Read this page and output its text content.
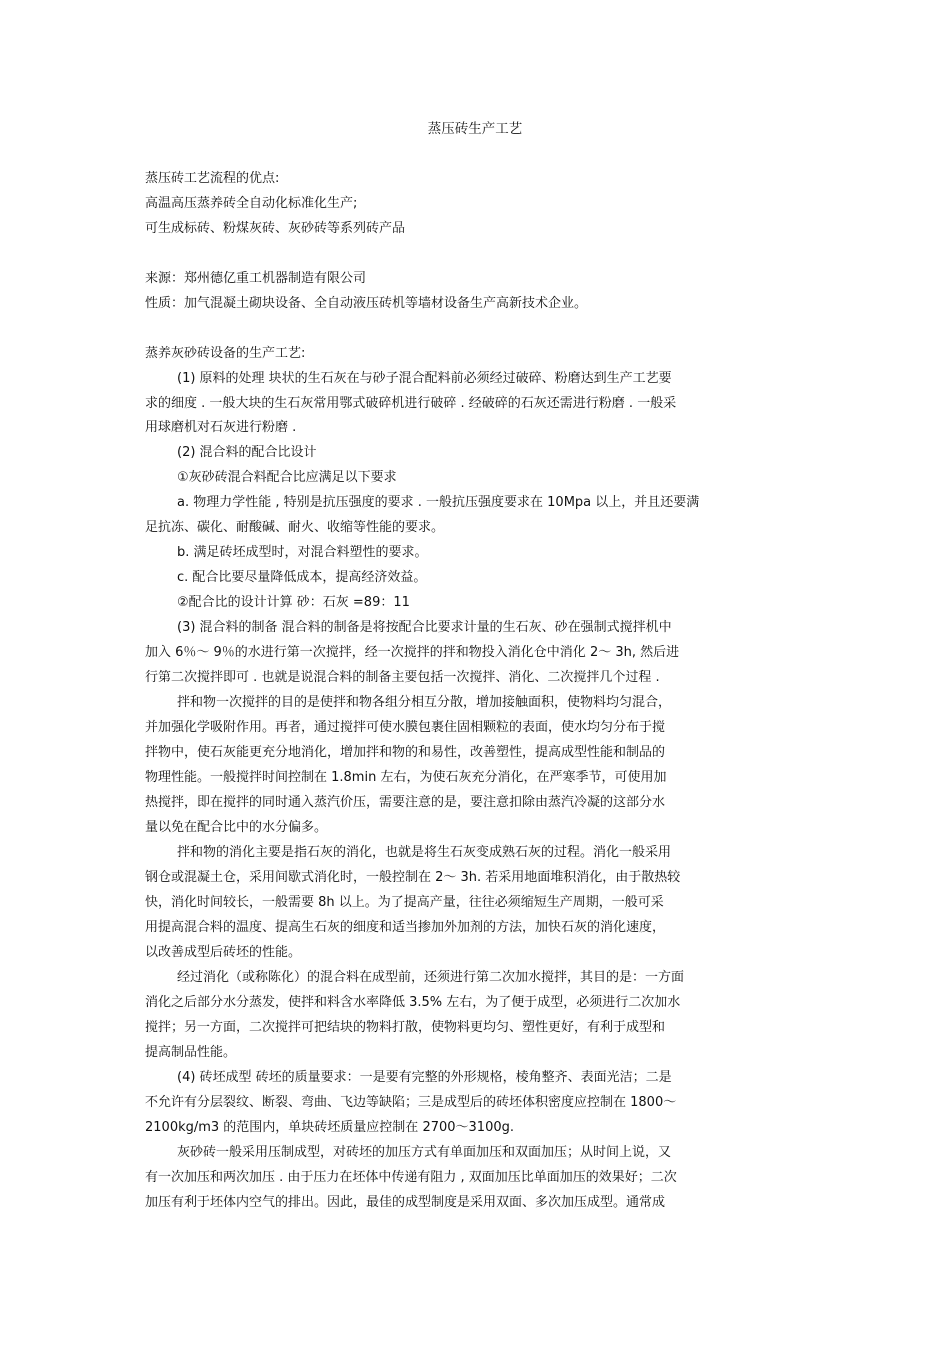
蒸压砖生产工艺
蒸压砖工艺流程的优点:
高温高压蒸养砖全自动化标准化生产;
可生成标砖、粉煤灰砖、灰砂砖等系列砖产品
来源：郑州德亿重工机器制造有限公司
性质：加气混凝土砌块设备、全自动液压砖机等墙材设备生产高新技术企业。
蒸养灰砂砖设备的生产工艺:
(1) 原料的处理 块状的生石灰在与砂子混合配料前必须经过破碎、粉磨达到生产工艺要
求的细度 . 一般大块的生石灰常用鄂式破碎机进行破碎 . 经破碎的石灰还需进行粉磨 . 一般采
用球磨机对石灰进行粉磨 .
(2) 混合料的配合比设计
①灰砂砖混合料配合比应满足以下要求
a. 物理力学性能 , 特别是抗压强度的要求 . 一般抗压强度要求在 10Mpa 以上，并且还要满
足抗冻、碳化、耐酸碱、耐火、收缩等性能的要求。
b. 满足砖坯成型时，对混合料塑性的要求。
c. 配合比要尽量降低成本，提高经济效益。
②配合比的设计计算 砂：石灰 =89：11
(3) 混合料的制备 混合料的制备是将按配合比要求计量的生石灰、砂在强制式搅拌机中
加入 6％～ 9％的水进行第一次搅拌，经一次搅拌的拌和物投入消化仓中消化 2～ 3h, 然后进
行第二次搅拌即可 . 也就是说混合料的制备主要包括一次搅拌、消化、二次搅拌几个过程 .
拌和物一次搅拌的目的是使拌和物各组分相互分散，增加接触面积，使物料均匀混合，
并加强化学吸附作用。再者，通过搅拌可使水膜包裹住固相颗粒的表面，使水均匀分布于搅
拌物中，使石灰能更充分地消化，增加拌和物的和易性，改善塑性，提高成型性能和制品的
物理性能。一般搅拌时间控制在 1.8min 左右，为使石灰充分消化，在严寒季节，可使用加
热搅拌，即在搅拌的同时通入蒸汽价压，需要注意的是，要注意扣除由蒸汽冷凝的这部分水
量以免在配合比中的水分偏多。
拌和物的消化主要是指石灰的消化，也就是将生石灰变成熟石灰的过程。消化一般采用
钢仓或混凝土仓，采用间歇式消化时，一般控制在 2～ 3h. 若采用地面堆积消化，由于散热较
快，消化时间较长，一般需要 8h 以上。为了提高产量，往往必须缩短生产周期，一般可采
用提高混合料的温度、提高生石灰的细度和适当掺加外加剂的方法，加快石灰的消化速度，
以改善成型后砖坯的性能。
经过消化（或称陈化）的混合料在成型前，还须进行第二次加水搅拌，其目的是：一方面
消化之后部分水分蒸发，使拌和料含水率降低 3.5% 左右，为了便于成型，必须进行二次加水
搅拌；另一方面，二次搅拌可把结块的物料打散，使物料更均匀、塑性更好，有利于成型和
提高制品性能。
(4) 砖坯成型 砖坯的质量要求：一是要有完整的外形规格，棱角整齐、表面光洁；二是
不允许有分层裂纹、断裂、弯曲、飞边等缺陷；三是成型后的砖坯体积密度应控制在 1800～
2100kg/m3 的范围内，单块砖坯质量应控制在 2700～3100g.
灰砂砖一般采用压制成型，对砖坯的加压方式有单面加压和双面加压；从时间上说，又
有一次加压和两次加压 . 由于压力在坯体中传递有阻力 , 双面加压比单面加压的效果好；二次
加压有利于坯体内空气的排出。因此，最佳的成型制度是采用双面、多次加压成型。通常成
